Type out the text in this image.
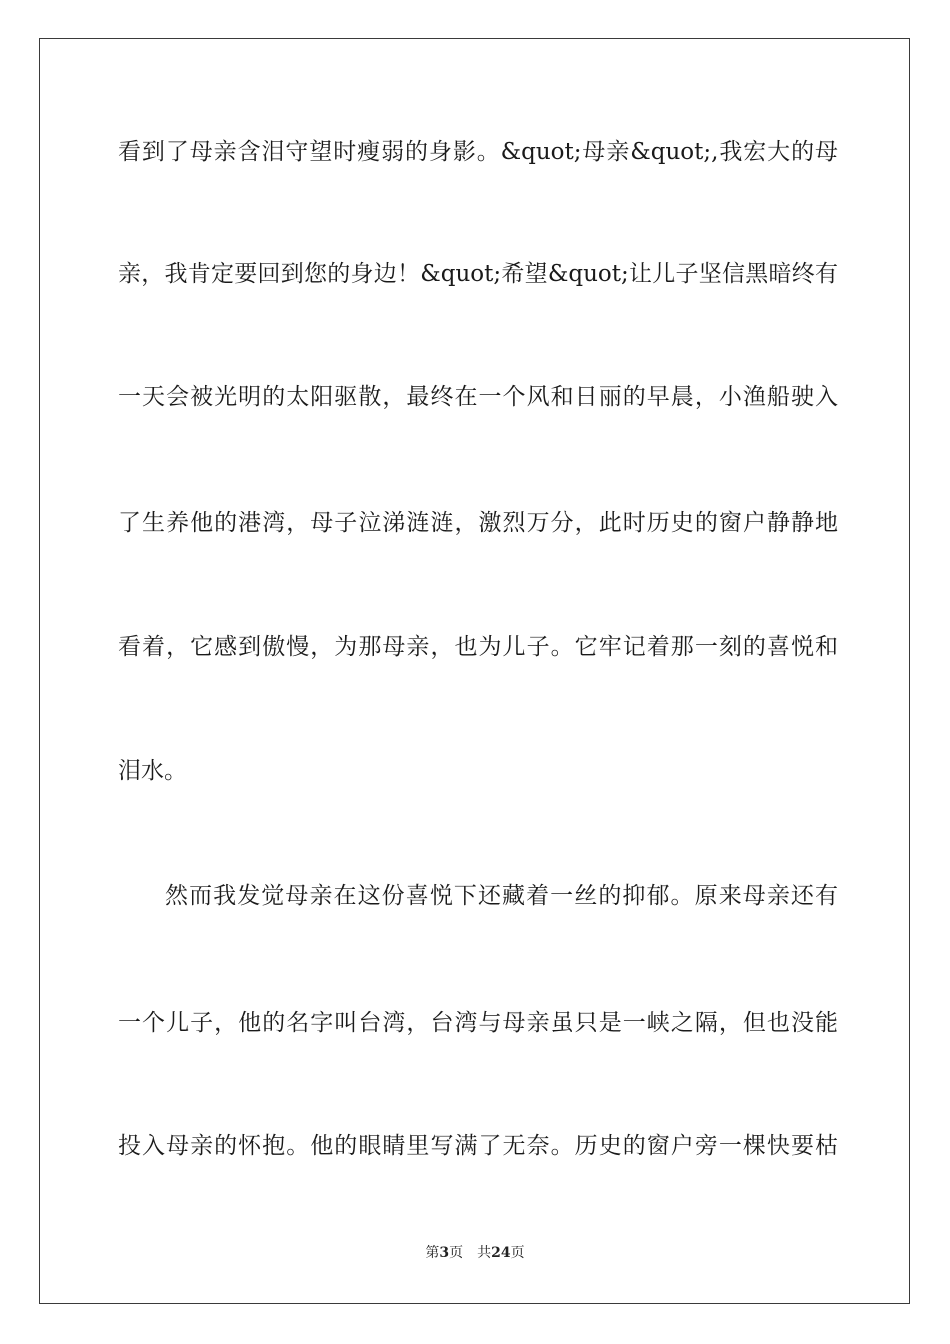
看到了母亲含泪守望时瘦弱的身影。&quot;母亲&quot;,我宏大的母
亲，我肯定要回到您的身边！&quot;希望&quot;让儿子坚信黑暗终有
一天会被光明的太阳驱散，最终在一个风和日丽的早晨，小渔船驶入
了生养他的港湾，母子泣涕涟涟，激烈万分，此时历史的窗户静静地
看着，它感到傲慢，为那母亲，也为儿子。它牢记着那一刻的喜悦和
泪水。
然而我发觉母亲在这份喜悦下还藏着一丝的抑郁。原来母亲还有
一个儿子，他的名字叫台湾，台湾与母亲虽只是一峡之隔，但也没能
投入母亲的怀抱。他的眼睛里写满了无奈。历史的窗户旁一棵快要枯
第3页 共24页
